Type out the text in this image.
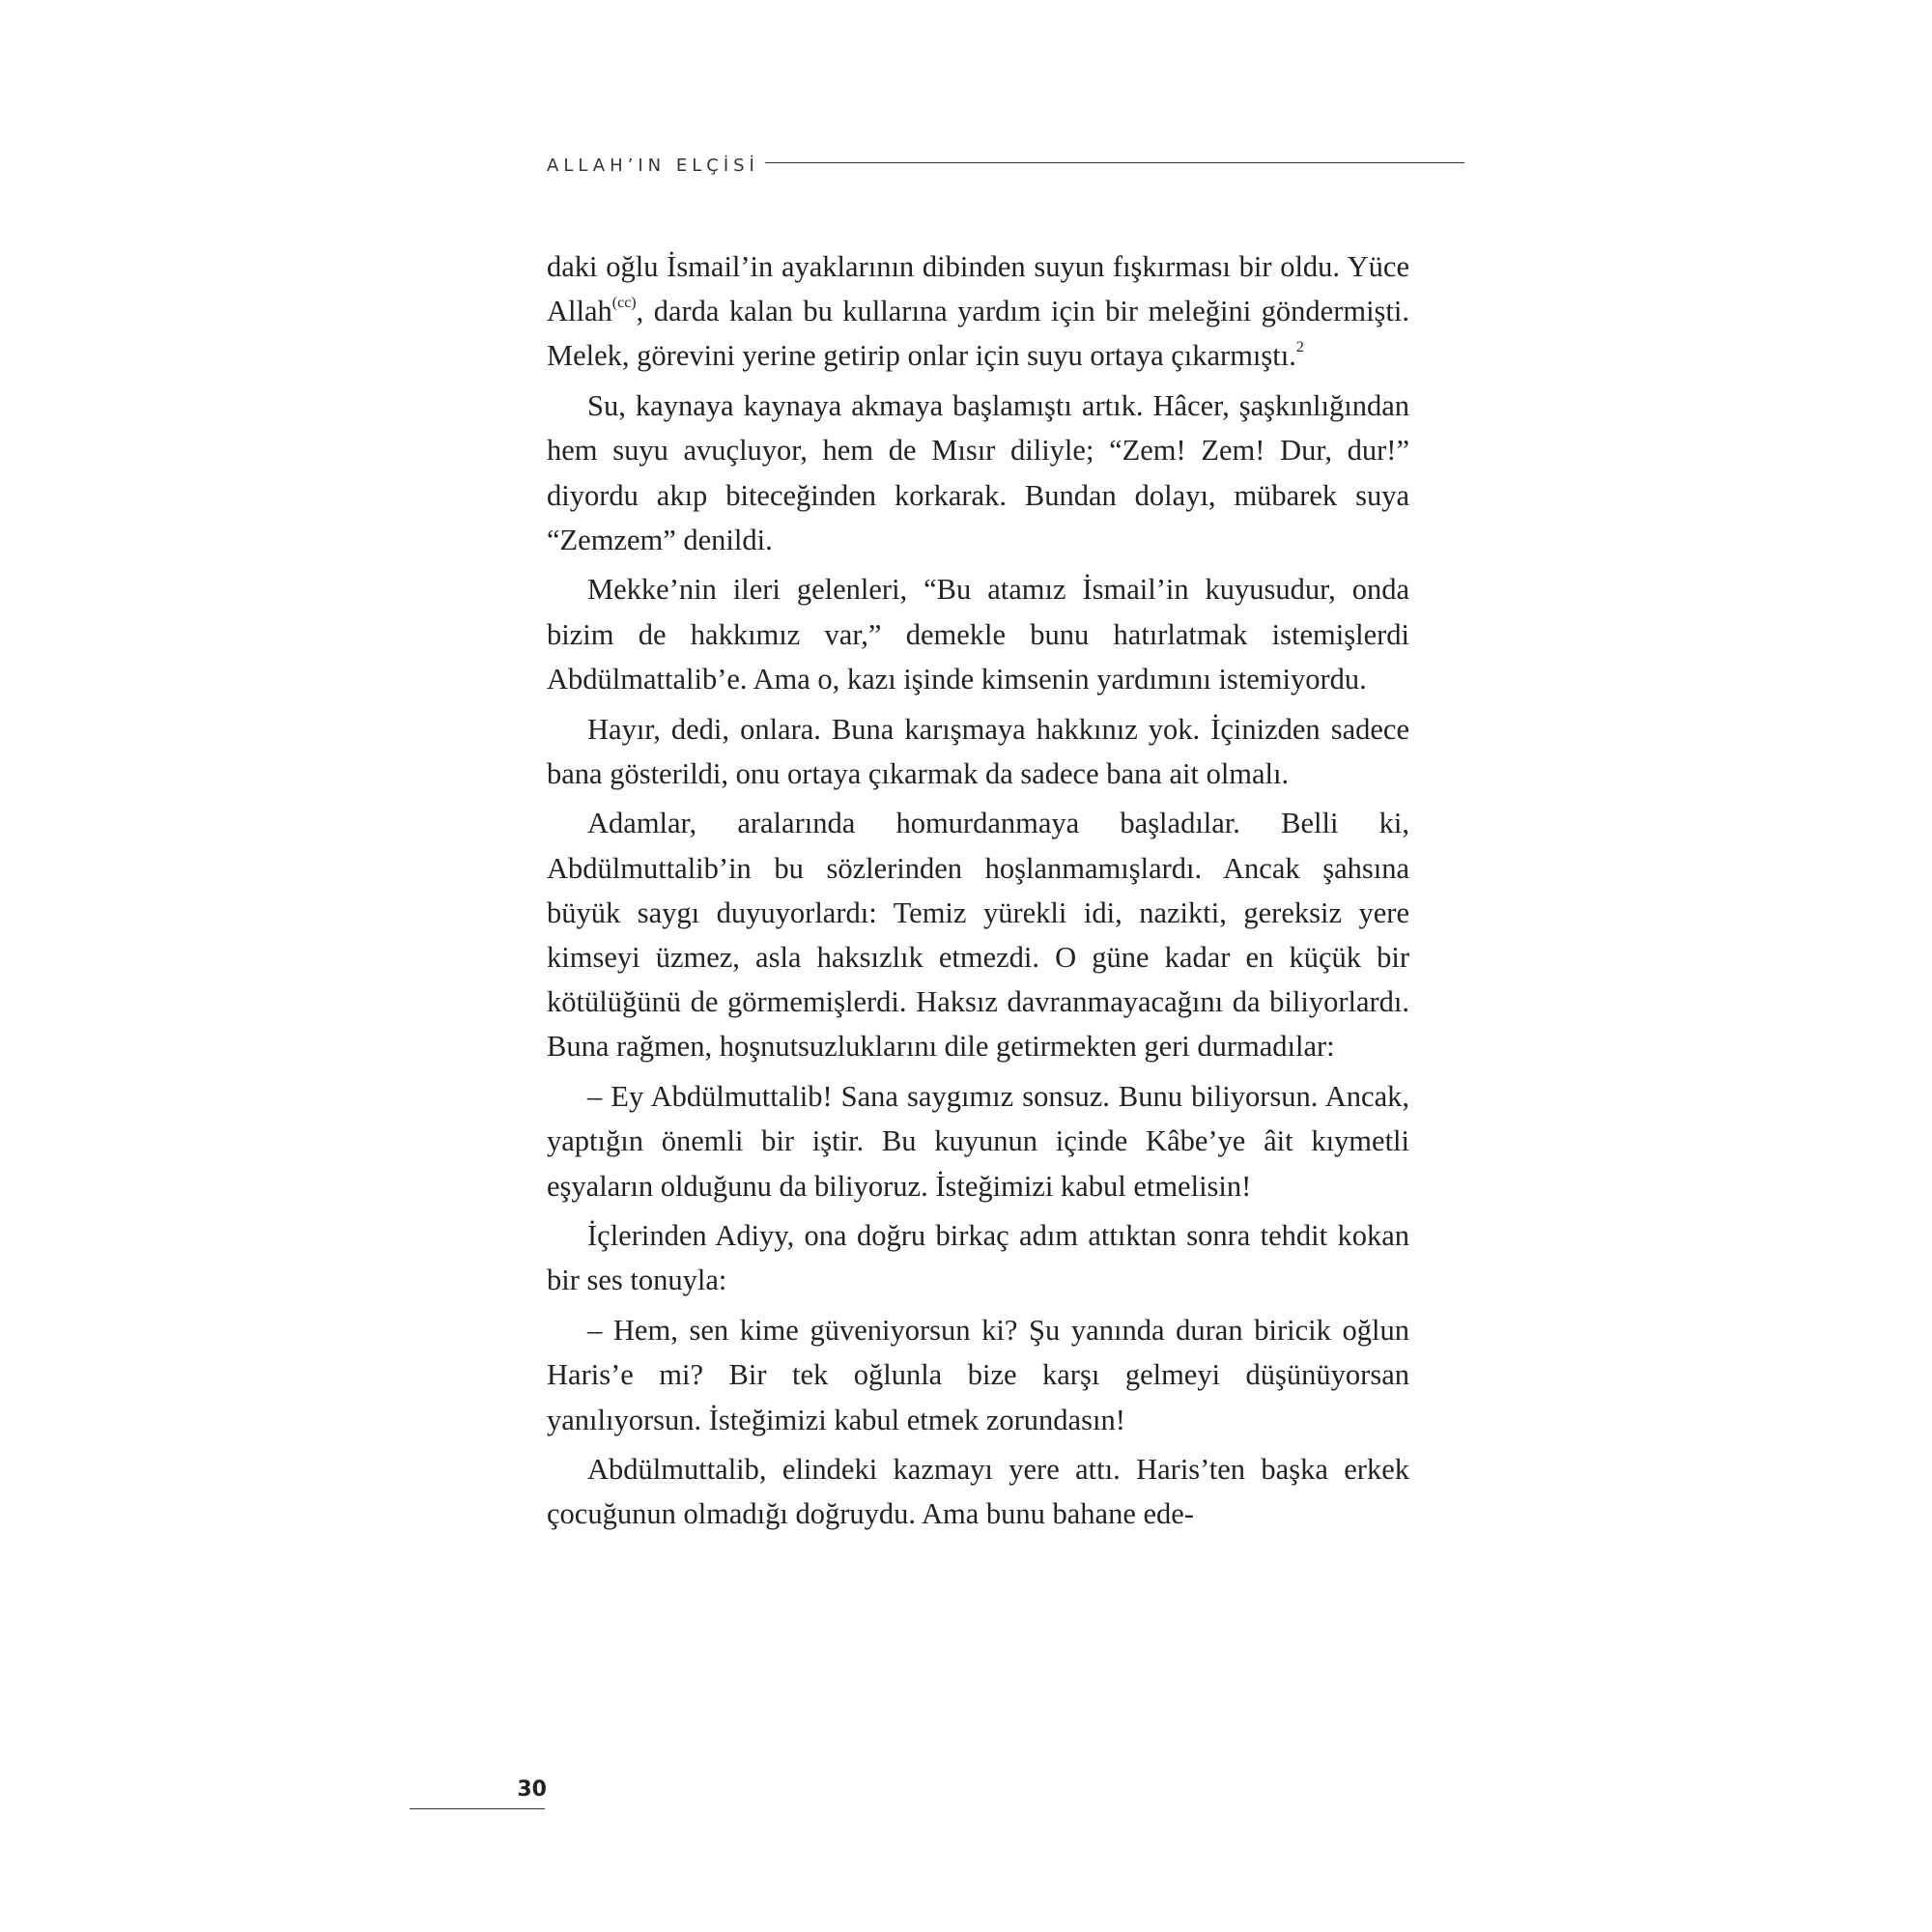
ALLAH’IN ELÇİSİ

daki oğlu İsmail’in ayaklarının dibinden suyun fışkırması bir oldu. Yüce Allah$^{(cc)}$, darda kalan bu kullarına yardım için bir meleğini göndermişti. Melek, görevini yerine getirip onlar için suyu ortaya çıkarmıştı.$^2$

Su, kaynaya kaynaya akmaya başlamıştı artık. Hâcer, şaşkınlığından hem suyu avuçluyor, hem de Mısır diliyle; “Zem! Zem! Dur, dur!” diyordu akıp biteceğinden korkarak. Bundan dolayı, mübarek suya “Zemzem” denildi.

Mekke’nin ileri gelenleri, “Bu atamız İsmail’in kuyusudur, onda bizim de hakkımız var,” demekle bunu hatırlatmak istemişlerdi Abdülmattalib’e. Ama o, kazı işinde kimsenin yardımını istemiyordu.

Hayır, dedi, onlara. Buna karışmaya hakkınız yok. İçinizden sadece bana gösterildi, onu ortaya çıkarmak da sadece bana ait olmalı.

Adamlar, aralarında homurdanmaya başladılar. Belli ki, Abdülmuttalib’in bu sözlerinden hoşlanmamışlardı. Ancak şahsına büyük saygı duyuyorlardı: Temiz yürekli idi, nazikti, gereksiz yere kimseyi üzmez, asla haksızlık etmezdi. O güne kadar en küçük bir kötülüğünü de görmemişlerdi. Haksız davranmayacağını da biliyorlardı. Buna rağmen, hoşnutsuzluklarını dile getirmekten geri durmadılar:

– Ey Abdülmuttalib! Sana saygımız sonsuz. Bunu biliyorsun. Ancak, yaptığın önemli bir iştir. Bu kuyunun içinde Kâbe’ye âit kıymetli eşyaların olduğunu da biliyoruz. İsteğimizi kabul etmelisin!

İçlerinden Adiyy, ona doğru birkaç adım attıktan sonra tehdit kokan bir ses tonuyla:

– Hem, sen kime güveniyorsun ki? Şu yanında duran biricik oğlun Haris’e mi? Bir tek oğlunla bize karşı gelmeyi düşünüyorsan yanılıyorsun. İsteğimizi kabul etmek zorundasın!

Abdülmuttalib, elindeki kazmayı yere attı. Haris’ten başka erkek çocuğunun olmadığı doğruydu. Ama bunu bahane ede-

30
